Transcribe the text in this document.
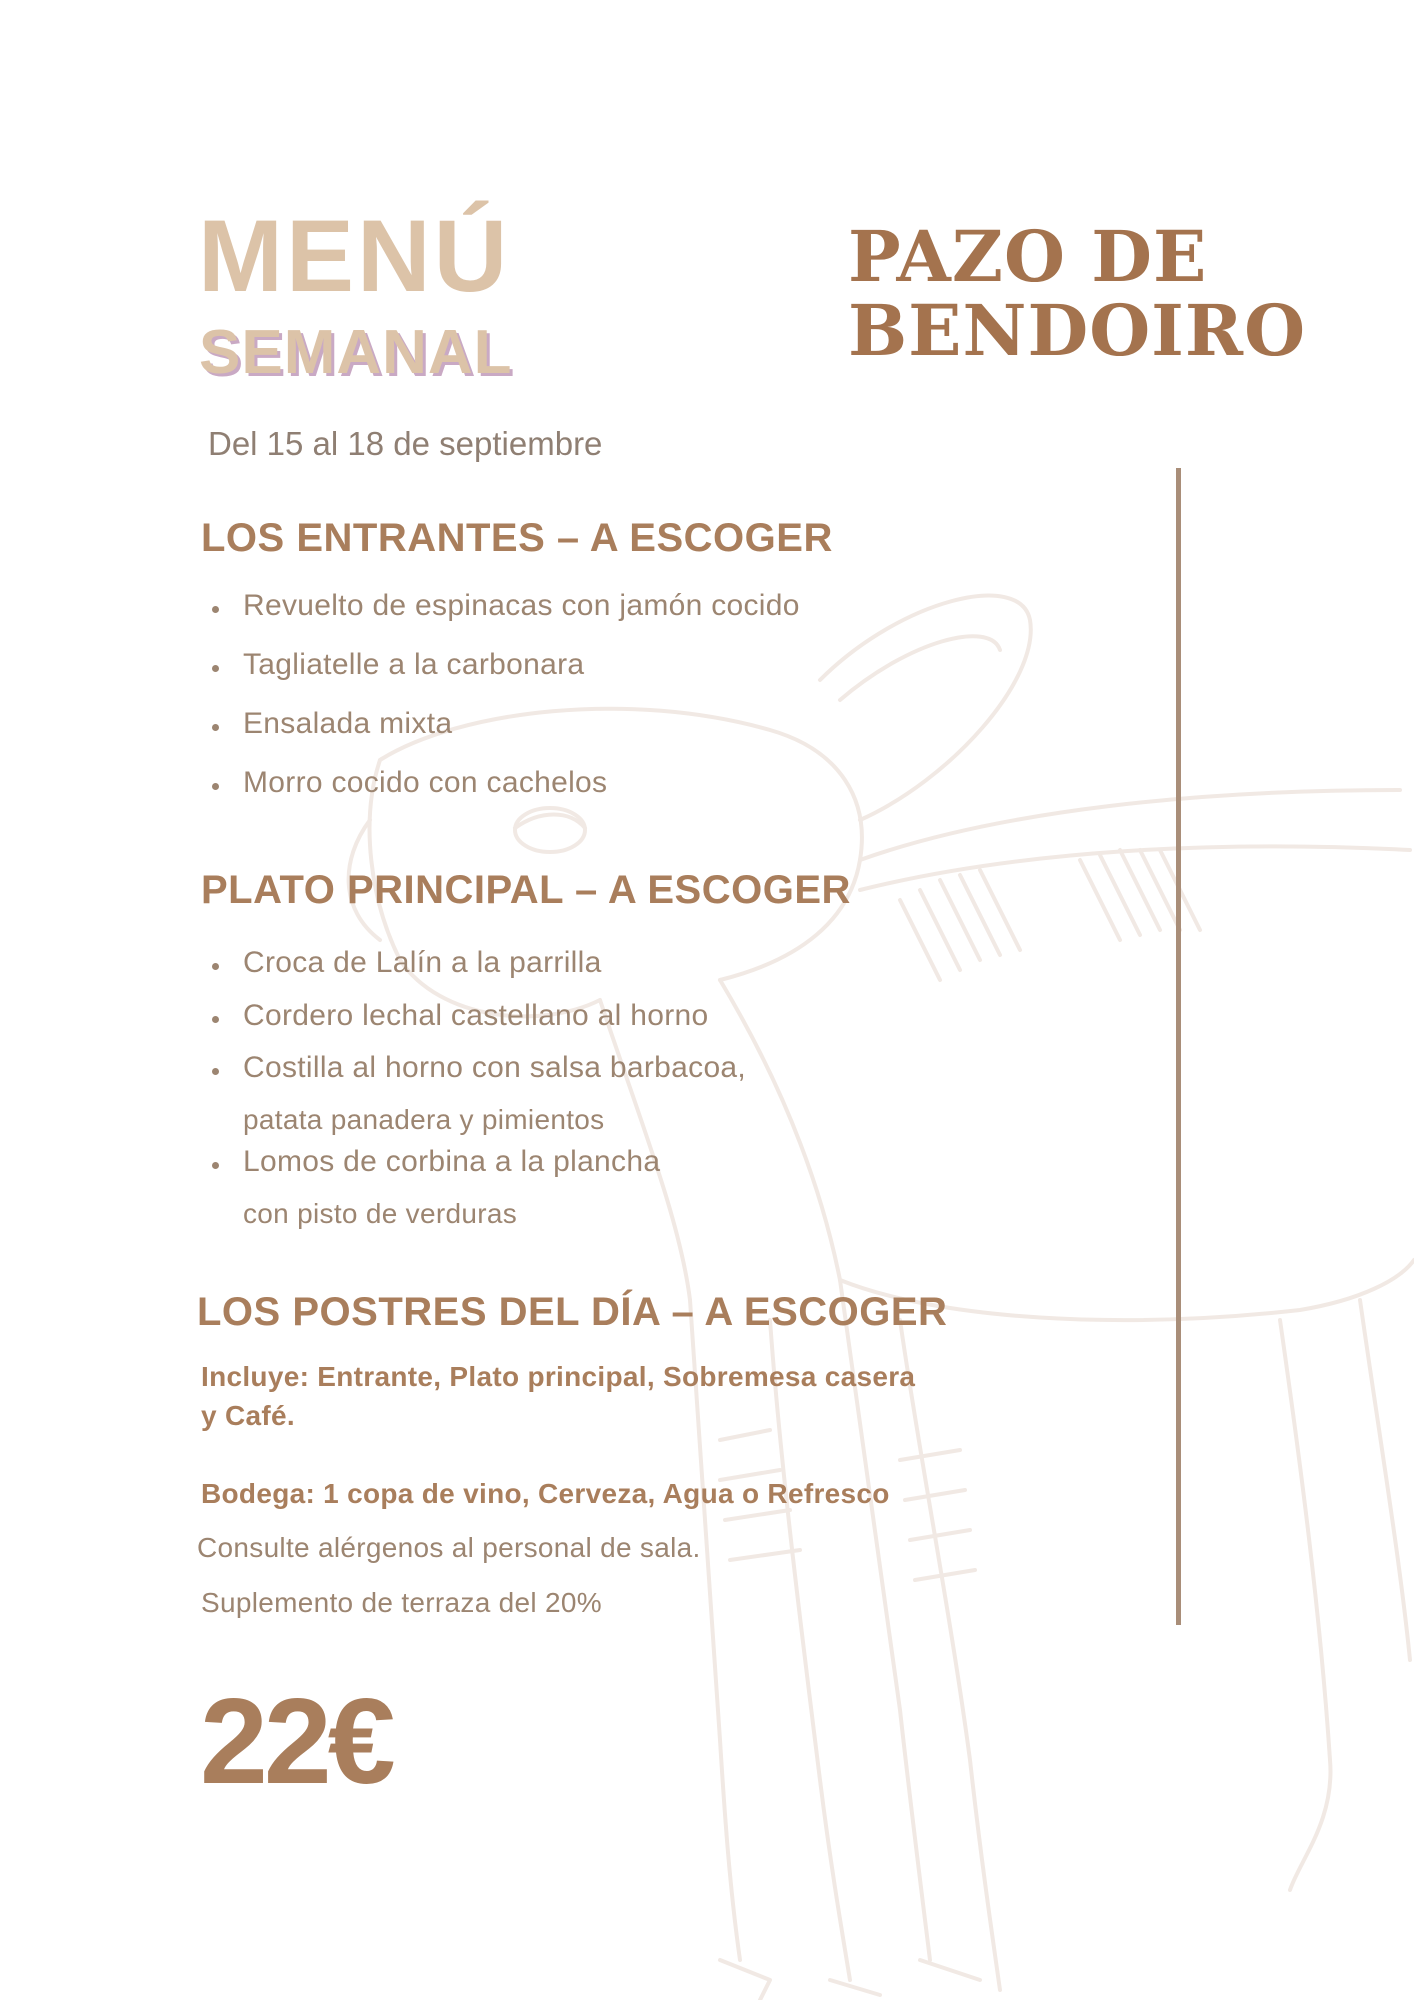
MENÚ
SEMANAL
PAZO DE
BENDOIRO
Del 15 al 18 de septiembre
LOS ENTRANTES – A ESCOGER
Revuelto de espinacas con jamón cocido
Tagliatelle a la carbonara
Ensalada mixta
Morro cocido con cachelos
PLATO PRINCIPAL – A ESCOGER
Croca de Lalín a la parrilla
Cordero lechal castellano al horno
Costilla al horno con salsa barbacoa,
patata panadera y pimientos
Lomos de corbina a la plancha
con pisto de verduras
LOS POSTRES DEL DÍA – A ESCOGER
Incluye: Entrante, Plato principal, Sobremesa casera y Café.
Bodega: 1 copa de vino, Cerveza, Agua o Refresco
Consulte alérgenos al personal de sala.
Suplemento de terraza del 20%
22€
